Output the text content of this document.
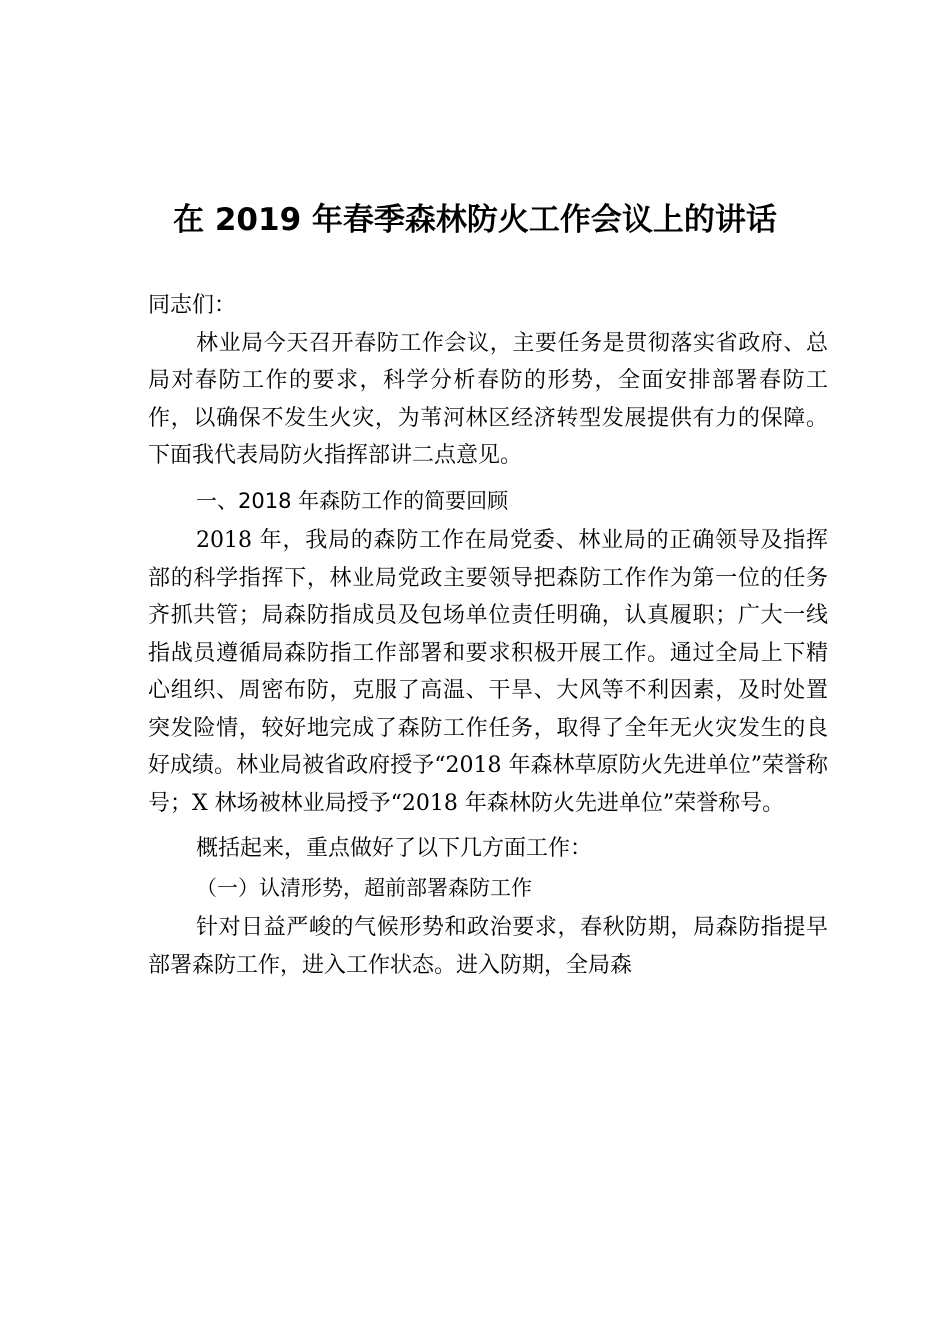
在 2019 年春季森林防火工作会议上的讲话

同志们：

林业局今天召开春防工作会议，主要任务是贯彻落实省政府、总局对春防工作的要求，科学分析春防的形势，全面安排部署春防工作，以确保不发生火灾，为苇河林区经济转型发展提供有力的保障。下面我代表局防火指挥部讲二点意见。

一、2018 年森防工作的简要回顾

2018 年，我局的森防工作在局党委、林业局的正确领导及指挥部的科学指挥下，林业局党政主要领导把森防工作作为第一位的任务齐抓共管；局森防指成员及包场单位责任明确，认真履职；广大一线指战员遵循局森防指工作部署和要求积极开展工作。通过全局上下精心组织、周密布防，克服了高温、干旱、大风等不利因素，及时处置突发险情，较好地完成了森防工作任务，取得了全年无火灾发生的良好成绩。林业局被省政府授予“2018 年森林草原防火先进单位”荣誉称号；X 林场被林业局授予“2018 年森林防火先进单位”荣誉称号。

概括起来，重点做好了以下几方面工作：

（一）认清形势，超前部署森防工作

针对日益严峻的气候形势和政治要求，春秋防期，局森防指提早部署森防工作，进入工作状态。进入防期，全局森
